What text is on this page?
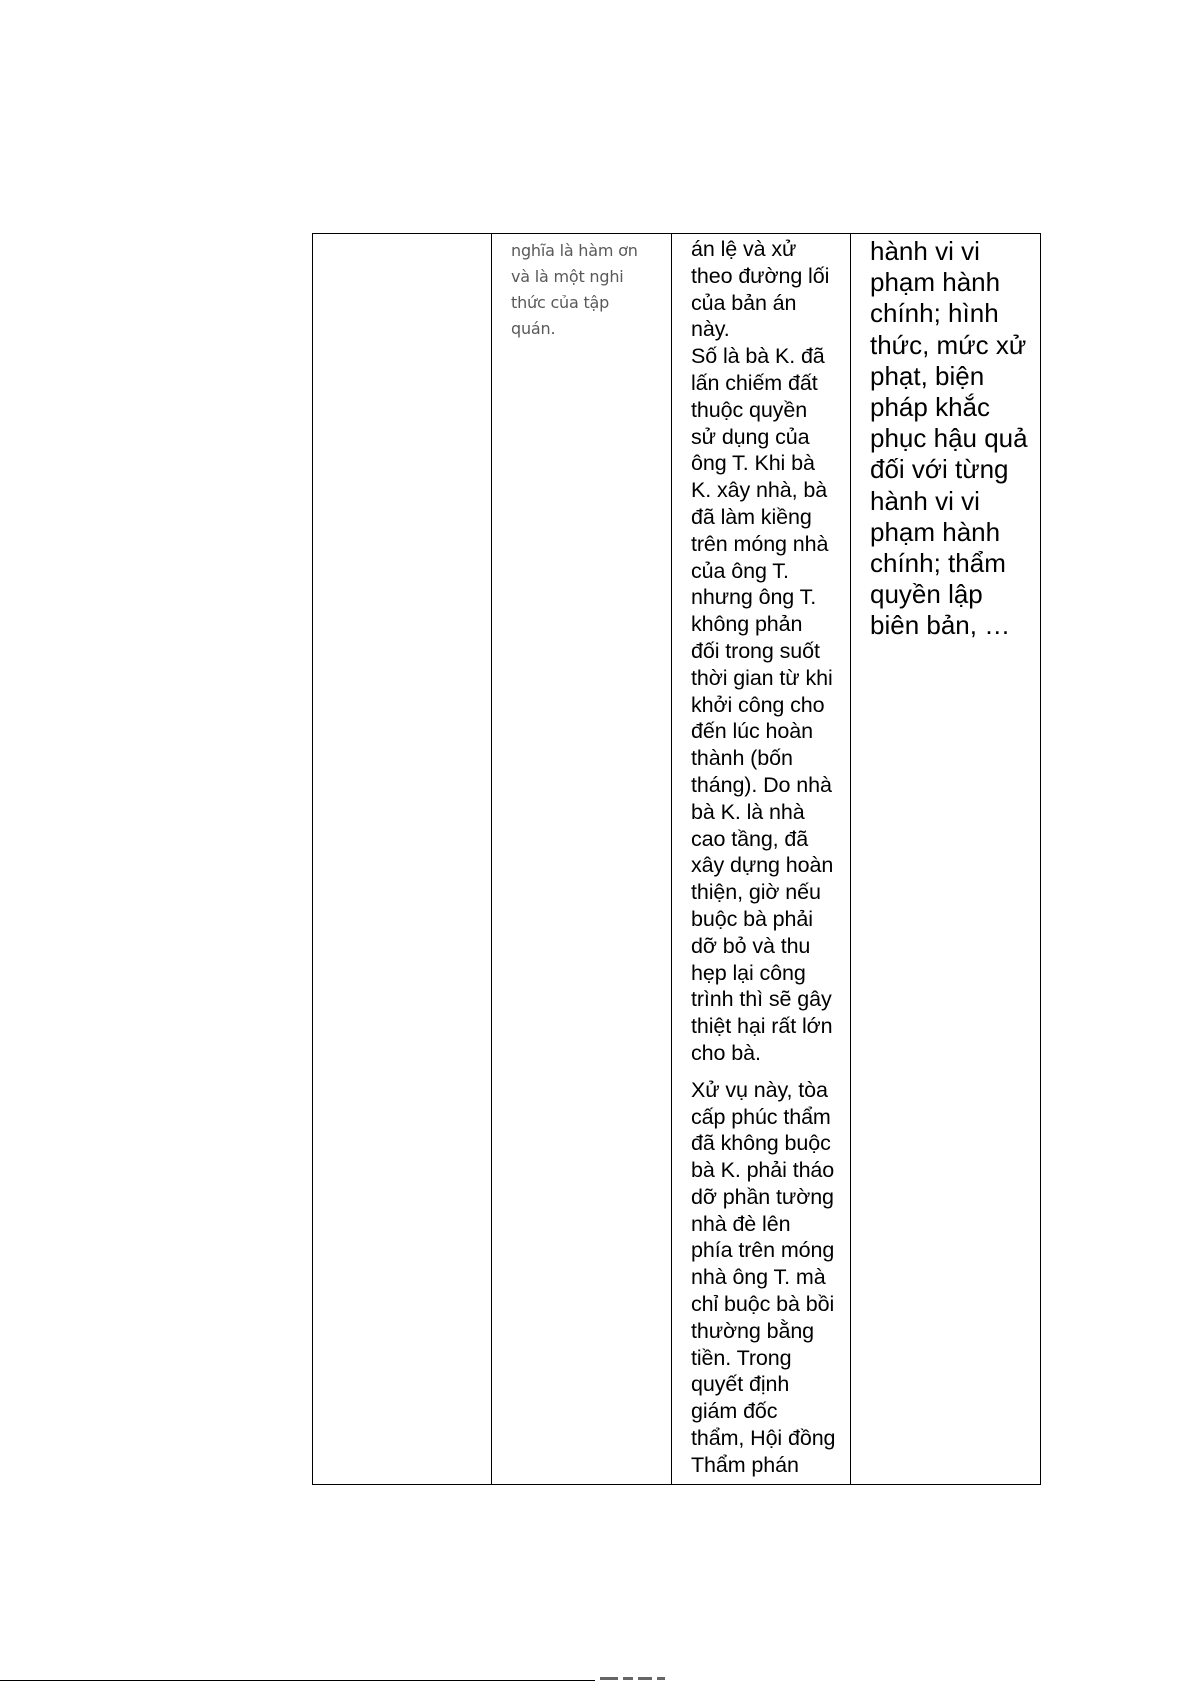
nghĩa là hàm ơn
và là một nghi
thức của tập
quán.
án lệ và xử
theo đường lối
của bản án
này.
Số là bà K. đã
lấn chiếm đất
thuộc quyền
sử dụng của
ông T. Khi bà
K. xây nhà, bà
đã làm kiềng
trên móng nhà
của ông T.
nhưng ông T.
không phản
đối trong suốt
thời gian từ khi
khởi công cho
đến lúc hoàn
thành (bốn
tháng). Do nhà
bà K. là nhà
cao tầng, đã
xây dựng hoàn
thiện, giờ nếu
buộc bà phải
dỡ bỏ và thu
hẹp lại công
trình thì sẽ gây
thiệt hại rất lớn
cho bà.
Xử vụ này, tòa
cấp phúc thẩm
đã không buộc
bà K. phải tháo
dỡ phần tường
nhà đè lên
phía trên móng
nhà ông T. mà
chỉ buộc bà bồi
thường bằng
tiền. Trong
quyết định
giám đốc
thẩm, Hội đồng
Thẩm phán
hành vi vi
phạm hành
chính; hình
thức, mức xử
phạt, biện
pháp khắc
phục hậu quả
đối với từng
hành vi vi
phạm hành
chính; thẩm
quyền lập
biên bản, …
